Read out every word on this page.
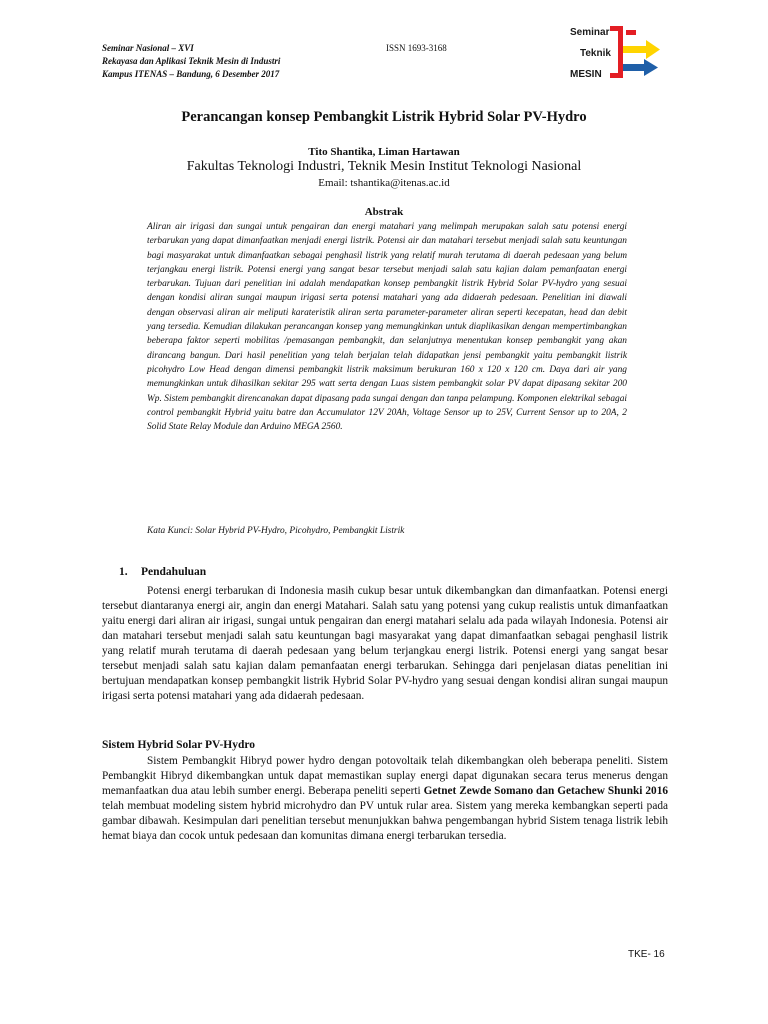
Seminar Nasional – XVI
Rekayasa dan Aplikasi Teknik Mesin di Industri
Kampus ITENAS – Bandung, 6 Desember 2017
ISSN 1693-3168
Seminar
Teknik
MESIN
Perancangan konsep Pembangkit Listrik Hybrid Solar PV-Hydro
Tito Shantika, Liman Hartawan
Fakultas Teknologi Industri, Teknik Mesin Institut Teknologi Nasional
Email: tshantika@itenas.ac.id
Abstrak

Aliran air irigasi dan sungai untuk pengairan dan energi matahari yang melimpah merupakan salah satu potensi energi terbarukan yang dapat dimanfaatkan menjadi energi listrik. Potensi air dan matahari tersebut menjadi salah satu keuntungan bagi masyarakat untuk dimanfaatkan sebagai penghasil listrik yang relatif murah terutama di daerah pedesaan yang belum terjangkau energi listrik. Potensi energi yang sangat besar tersebut menjadi salah satu kajian dalam pemanfaatan energi terbarukan. Tujuan dari penelitian ini adalah mendapatkan konsep pembangkit listrik Hybrid Solar PV-hydro yang sesuai dengan kondisi aliran sungai maupun irigasi serta potensi matahari yang ada didaerah pedesaan. Penelitian ini diawali dengan observasi aliran air meliputi karateristik aliran serta parameter-parameter aliran seperti kecepatan, head dan debit yang tersedia. Kemudian dilakukan perancangan konsep yang memungkinkan untuk diaplikasikan dengan mempertimbangkan beberapa faktor seperti mobilitas /pemasangan pembangkit, dan selanjutnya menentukan konsep pembangkit yang akan dirancang bangun. Dari hasil penelitian yang telah berjalan telah didapatkan jensi pembangkit yaitu pembangkit listrik picohydro Low Head dengan dimensi pembangkit listrik maksimum berukuran 160 x 120 x 120 cm. Daya dari air yang memungkinkan untuk dihasilkan sekitar 295 watt serta dengan Luas sistem pembangkit solar PV dapat dipasang sekitar 200 Wp. Sistem pembangkit direncanakan dapat dipasang pada sungai dengan dan tanpa pelampung. Komponen elektrikal sebagai control pembangkit Hybrid yaitu batre dan Accumulator 12V 20Ah, Voltage Sensor up to 25V, Current Sensor up to 20A, 2 Solid State Relay Module dan Arduino MEGA 2560.

Kata Kunci: Solar Hybrid PV-Hydro, Picohydro, Pembangkit Listrik
1. Pendahuluan

Potensi energi terbarukan di Indonesia masih cukup besar untuk dikembangkan dan dimanfaatkan. Potensi energi tersebut diantaranya energi air, angin dan energi Matahari. Salah satu yang potensi yang cukup realistis untuk dimanfaatkan yaitu energi dari aliran air irigasi, sungai untuk pengairan dan energi matahari selalu ada pada wilayah Indonesia. Potensi air dan matahari tersebut menjadi salah satu keuntungan bagi masyarakat yang dapat dimanfaatkan sebagai penghasil listrik yang relatif murah terutama di daerah pedesaan yang belum terjangkau energi listrik. Potensi energi yang sangat besar tersebut menjadi salah satu kajian dalam pemanfaatan energi terbarukan. Sehingga dari penjelasan diatas penelitian ini bertujuan mendapatkan konsep pembangkit listrik Hybrid Solar PV-hydro yang sesuai dengan kondisi aliran sungai maupun irigasi serta potensi matahari yang ada didaerah pedesaan.

Sistem Hybrid Solar PV-Hydro

Sistem Pembangkit Hibryd power hydro dengan potovoltaik telah dikembangkan oleh beberapa peneliti. Sistem Pembangkit Hibryd dikembangkan untuk dapat memastikan suplay energi dapat digunakan secara terus menerus dengan memanfaatkan dua atau lebih sumber energi. Beberapa peneliti seperti Getnet Zewde Somano dan Getachew Shunki 2016 telah membuat modeling sistem hybrid microhydro dan PV untuk rular area. Sistem yang mereka kembangkan seperti pada gambar dibawah. Kesimpulan dari penelitian tersebut menunjukkan bahwa pengembangan hybrid Sistem tenaga listrik lebih hemat biaya dan cocok untuk pedesaan dan komunitas dimana energi terbarukan tersedia.

TKE- 16
